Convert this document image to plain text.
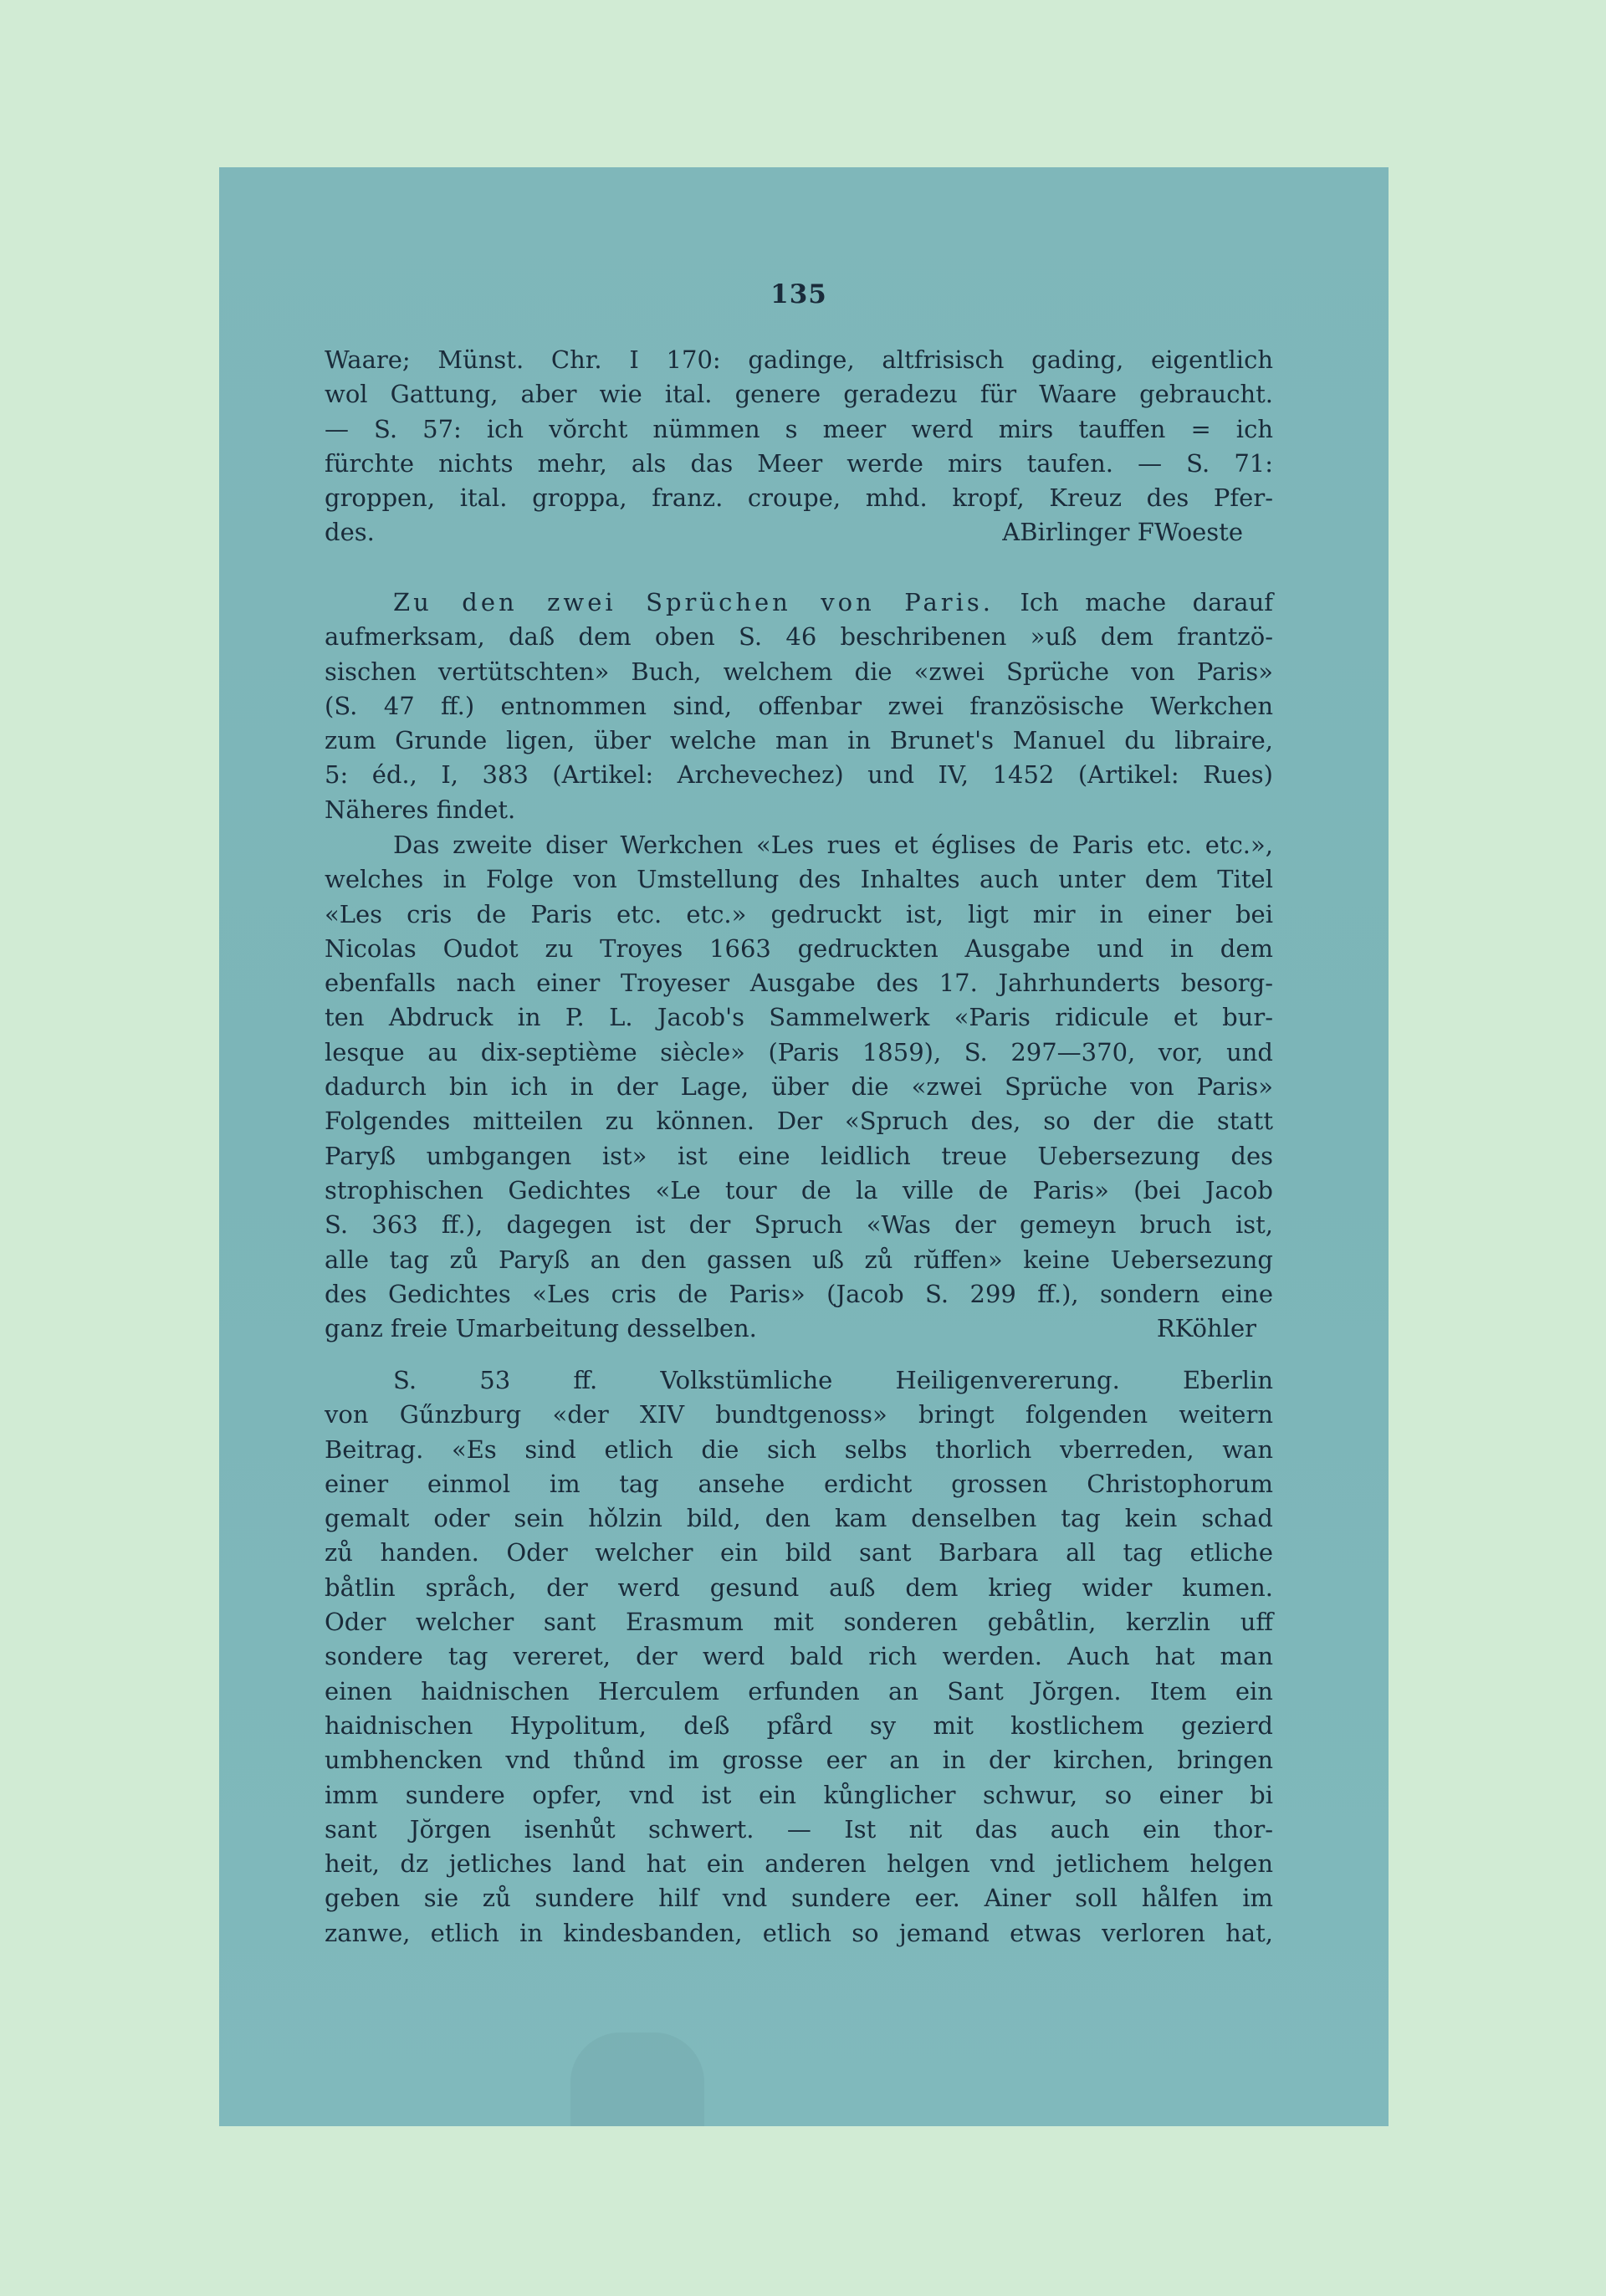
135
Waare; Münst. Chr. I 170: gadinge, altfrisisch gading, eigentlich
wol Gattung, aber wie ital. genere geradezu für Waare gebraucht.
— S. 57: ich vŏrcht nümmen s meer werd mirs tauffen = ich
fürchte nichts mehr, als das Meer werde mirs taufen. — S. 71:
groppen, ital. groppa, franz. croupe, mhd. kropf, Kreuz des Pfer-
des.	ABirlinger FWoeste
Zu den zwei Sprüchen von Paris. Ich mache darauf
aufmerksam, daß dem oben S. 46 beschribenen »uß dem frantzö-
sischen vertütschten» Buch, welchem die «zwei Sprüche von Paris»
(S. 47 ff.) entnommen sind, offenbar zwei französische Werkchen
zum Grunde ligen, über welche man in Brunet's Manuel du libraire,
5: éd., I, 383 (Artikel: Archevechez) und IV, 1452 (Artikel: Rues)
Näheres findet.
Das zweite diser Werkchen «Les rues et églises de Paris etc. etc.»,
welches in Folge von Umstellung des Inhaltes auch unter dem Titel
«Les cris de Paris etc. etc.» gedruckt ist, ligt mir in einer bei
Nicolas Oudot zu Troyes 1663 gedruckten Ausgabe und in dem
ebenfalls nach einer Troyeser Ausgabe des 17. Jahrhunderts besorg-
ten Abdruck in P. L. Jacob's Sammelwerk «Paris ridicule et bur-
lesque au dix-septième siècle» (Paris 1859), S. 297—370, vor, und
dadurch bin ich in der Lage, über die «zwei Sprüche von Paris»
Folgendes mitteilen zu können. Der «Spruch des, so der die statt
Paryß umbgangen ist» ist eine leidlich treue Uebersezung des
strophischen Gedichtes «Le tour de la ville de Paris» (bei Jacob
S. 363 ff.), dagegen ist der Spruch «Was der gemeyn bruch ist,
alle tag zů Paryß an den gassen uß zů rŭffen» keine Uebersezung
des Gedichtes «Les cris de Paris» (Jacob S. 299 ff.), sondern eine
ganz freie Umarbeitung desselben.	RKöhler
S. 53 ff. Volkstümliche Heiligenvererung. Eberlin
von Gűnzburg «der XIV bundtgenoss» bringt folgenden weitern
Beitrag. «Es sind etlich die sich selbs thorlich vberreden, wan
einer einmol im tag ansehe erdicht grossen Christophorum
gemalt oder sein hǒlzin bild, den kam denselben tag kein schad
zů handen. Oder welcher ein bild sant Barbara all tag etliche
båtlin språch, der werd gesund auß dem krieg wider kumen.
Oder welcher sant Erasmum mit sonderen gebåtlin, kerzlin uff
sondere tag vereret, der werd bald rich werden. Auch hat man
einen haidnischen Herculem erfunden an Sant Jŏrgen. Item ein
haidnischen Hypolitum, deß pfård sy mit kostlichem gezierd
umbhencken vnd thůnd im grosse eer an in der kirchen, bringen
imm sundere opfer, vnd ist ein kůnglicher schwur, so einer bi
sant Jŏrgen isenhůt schwert. — Ist nit das auch ein thor-
heit, dz jetliches land hat ein anderen helgen vnd jetlichem helgen
geben sie zů sundere hilf vnd sundere eer. Ainer soll hålfen im
zanwe, etlich in kindesbanden, etlich so jemand etwas verloren hat,
